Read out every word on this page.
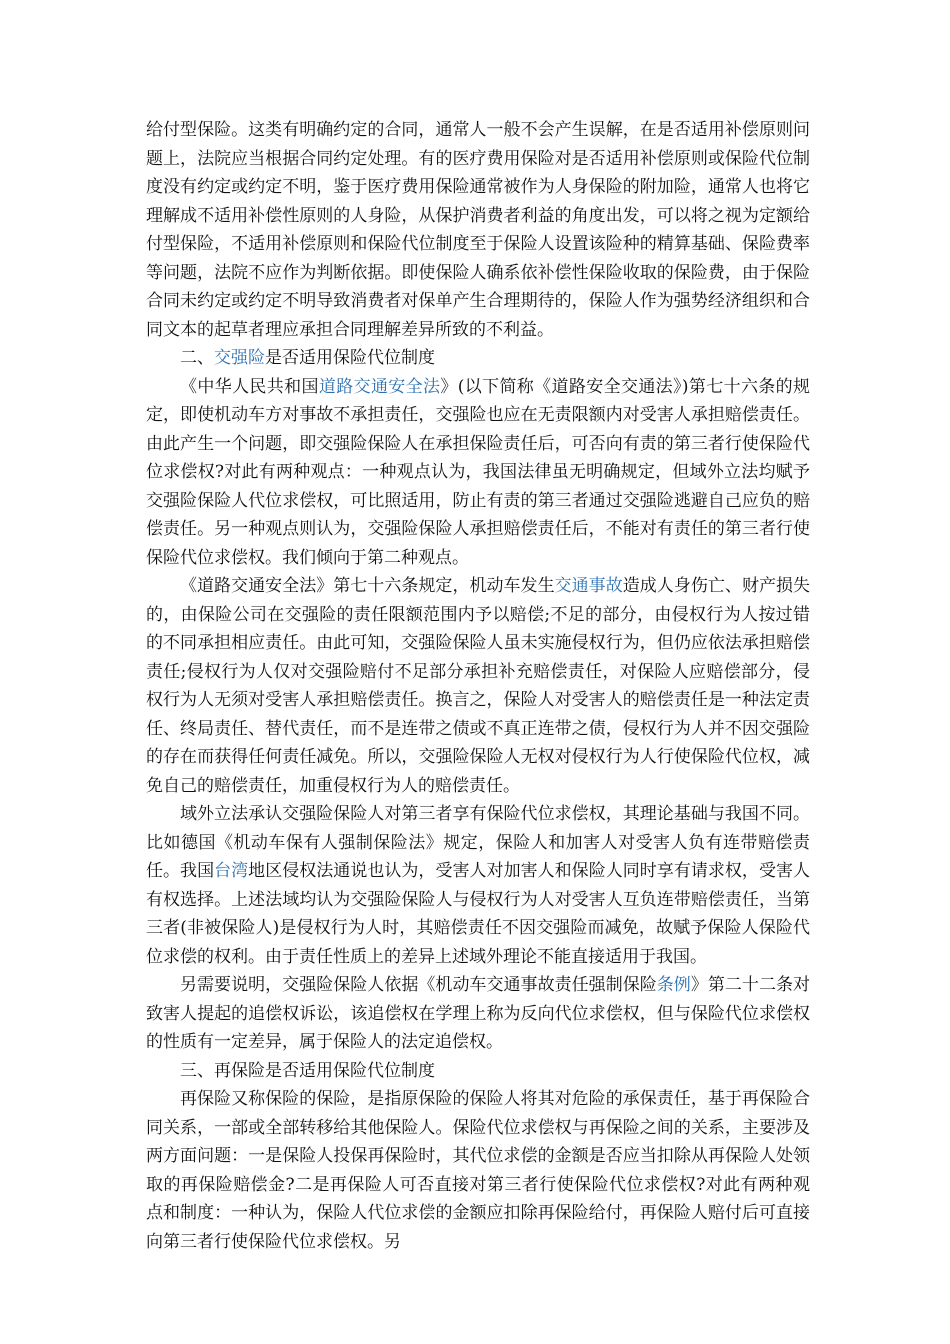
给付型保险。这类有明确约定的合同，通常人一般不会产生误解，在是否适用补偿原则问题上，法院应当根据合同约定处理。有的医疗费用保险对是否适用补偿原则或保险代位制度没有约定或约定不明，鉴于医疗费用保险通常被作为人身保险的附加险，通常人也将它理解成不适用补偿性原则的人身险，从保护消费者利益的角度出发，可以将之视为定额给付型保险，不适用补偿原则和保险代位制度至于保险人设置该险种的精算基础、保险费率等问题，法院不应作为判断依据。即使保险人确系依补偿性保险收取的保险费，由于保险合同未约定或约定不明导致消费者对保单产生合理期待的，保险人作为强势经济组织和合同文本的起草者理应承担合同理解差异所致的不利益。

二、交强险是否适用保险代位制度

《中华人民共和国道路交通安全法》(以下简称《道路安全交通法》)第七十六条的规定，即使机动车方对事故不承担责任，交强险也应在无责限额内对受害人承担赔偿责任。由此产生一个问题，即交强险保险人在承担保险责任后，可否向有责的第三者行使保险代位求偿权?对此有两种观点：一种观点认为，我国法律虽无明确规定，但域外立法均赋予交强险保险人代位求偿权，可比照适用，防止有责的第三者通过交强险逃避自己应负的赔偿责任。另一种观点则认为，交强险保险人承担赔偿责任后，不能对有责任的第三者行使保险代位求偿权。我们倾向于第二种观点。

《道路交通安全法》第七十六条规定，机动车发生交通事故造成人身伤亡、财产损失的，由保险公司在交强险的责任限额范围内予以赔偿;不足的部分，由侵权行为人按过错的不同承担相应责任。由此可知，交强险保险人虽未实施侵权行为，但仍应依法承担赔偿责任;侵权行为人仅对交强险赔付不足部分承担补充赔偿责任，对保险人应赔偿部分，侵权行为人无须对受害人承担赔偿责任。换言之，保险人对受害人的赔偿责任是一种法定责任、终局责任、替代责任，而不是连带之债或不真正连带之债，侵权行为人并不因交强险的存在而获得任何责任减免。所以，交强险保险人无权对侵权行为人行使保险代位权，减免自己的赔偿责任，加重侵权行为人的赔偿责任。

域外立法承认交强险保险人对第三者享有保险代位求偿权，其理论基础与我国不同。比如德国《机动车保有人强制保险法》规定，保险人和加害人对受害人负有连带赔偿责任。我国台湾地区侵权法通说也认为，受害人对加害人和保险人同时享有请求权，受害人有权选择。上述法域均认为交强险保险人与侵权行为人对受害人互负连带赔偿责任，当第三者(非被保险人)是侵权行为人时，其赔偿责任不因交强险而减免，故赋予保险人保险代位求偿的权利。由于责任性质上的差异上述域外理论不能直接适用于我国。

另需要说明，交强险保险人依据《机动车交通事故责任强制保险条例》第二十二条对致害人提起的追偿权诉讼，该追偿权在学理上称为反向代位求偿权，但与保险代位求偿权的性质有一定差异，属于保险人的法定追偿权。

三、再保险是否适用保险代位制度

再保险又称保险的保险，是指原保险的保险人将其对危险的承保责任，基于再保险合同关系，一部或全部转移给其他保险人。保险代位求偿权与再保险之间的关系，主要涉及两方面问题：一是保险人投保再保险时，其代位求偿的金额是否应当扣除从再保险人处领取的再保险赔偿金?二是再保险人可否直接对第三者行使保险代位求偿权?对此有两种观点和制度：一种认为，保险人代位求偿的金额应扣除再保险给付，再保险人赔付后可直接向第三者行使保险代位求偿权。另
